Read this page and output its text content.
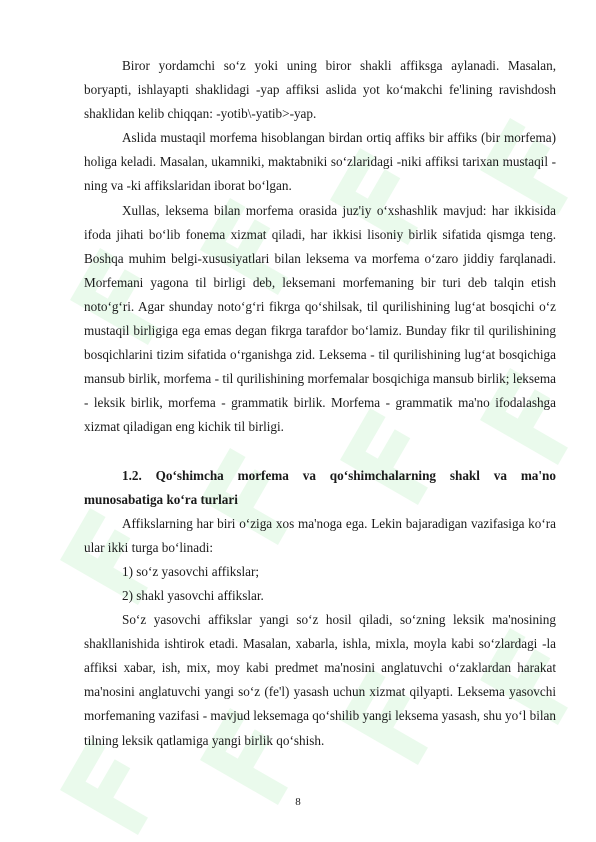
Biror yordamchi so‘z yoki uning biror shakli affiksga aylanadi. Masalan, boryapti, ishlayapti shaklidagi -yap affiksi aslida yot ko‘makchi fe'lining ravishdosh shaklidan kelib chiqqan: -yotib\-yatib>-yap.

Aslida mustaqil morfema hisoblangan birdan ortiq affiks bir affiks (bir morfema) holiga keladi. Masalan, ukamniki, maktabniki so‘zlaridagi -niki affiksi tarixan mustaqil -ning va -ki affikslaridan iborat bo‘lgan.

Xullas, leksema bilan morfema orasida juz'iy o‘xshashlik mavjud: har ikkisida ifoda jihati bo‘lib fonema xizmat qiladi, har ikkisi lisoniy birlik sifatida qismga teng. Boshqa muhim belgi-xususiyatlari bilan leksema va morfema o‘zaro jiddiy farqlanadi. Morfemani yagona til birligi deb, leksemani morfemaning bir turi deb talqin etish noto‘g‘ri. Agar shunday noto‘g‘ri fikrga qo‘shilsak, til qurilishining lug‘at bosqichi o‘z mustaqil birligiga ega emas degan fikrga tarafdor bo‘lamiz. Bunday fikr til qurilishining bosqichlarini tizim sifatida o‘rganishga zid. Leksema - til qurilishining lug‘at bosqichiga mansub birlik, morfema - til qurilishining morfemalar bosqichiga mansub birlik; leksema - leksik birlik, morfema - grammatik birlik. Morfema - grammatik ma'no ifodalashga xizmat qiladigan eng kichik til birligi.

1.2. Qo‘shimcha morfema va qo‘shimchalarning shakl va ma'no munosabatiga ko‘ra turlari

Affikslarning har biri o‘ziga xos ma'noga ega. Lekin bajaradigan vazifasiga ko‘ra ular ikki turga bo‘linadi:

1) so‘z yasovchi affikslar;

2) shakl yasovchi affikslar.

So‘z yasovchi affikslar yangi so‘z hosil qiladi, so‘zning leksik ma'nosining shakllanishida ishtirok etadi. Masalan, xabarla, ishla, mixla, moyla kabi so‘zlardagi -la affiksi xabar, ish, mix, moy kabi predmet ma'nosini anglatuvchi o‘zaklardan harakat ma'nosini anglatuvchi yangi so‘z (fe'l) yasash uchun xizmat qilyapti. Leksema yasovchi morfemaning vazifasi - mavjud leksemaga qo‘shilib yangi leksema yasash, shu yo‘l bilan tilning leksik qatlamiga yangi birlik qo‘shish.

8
